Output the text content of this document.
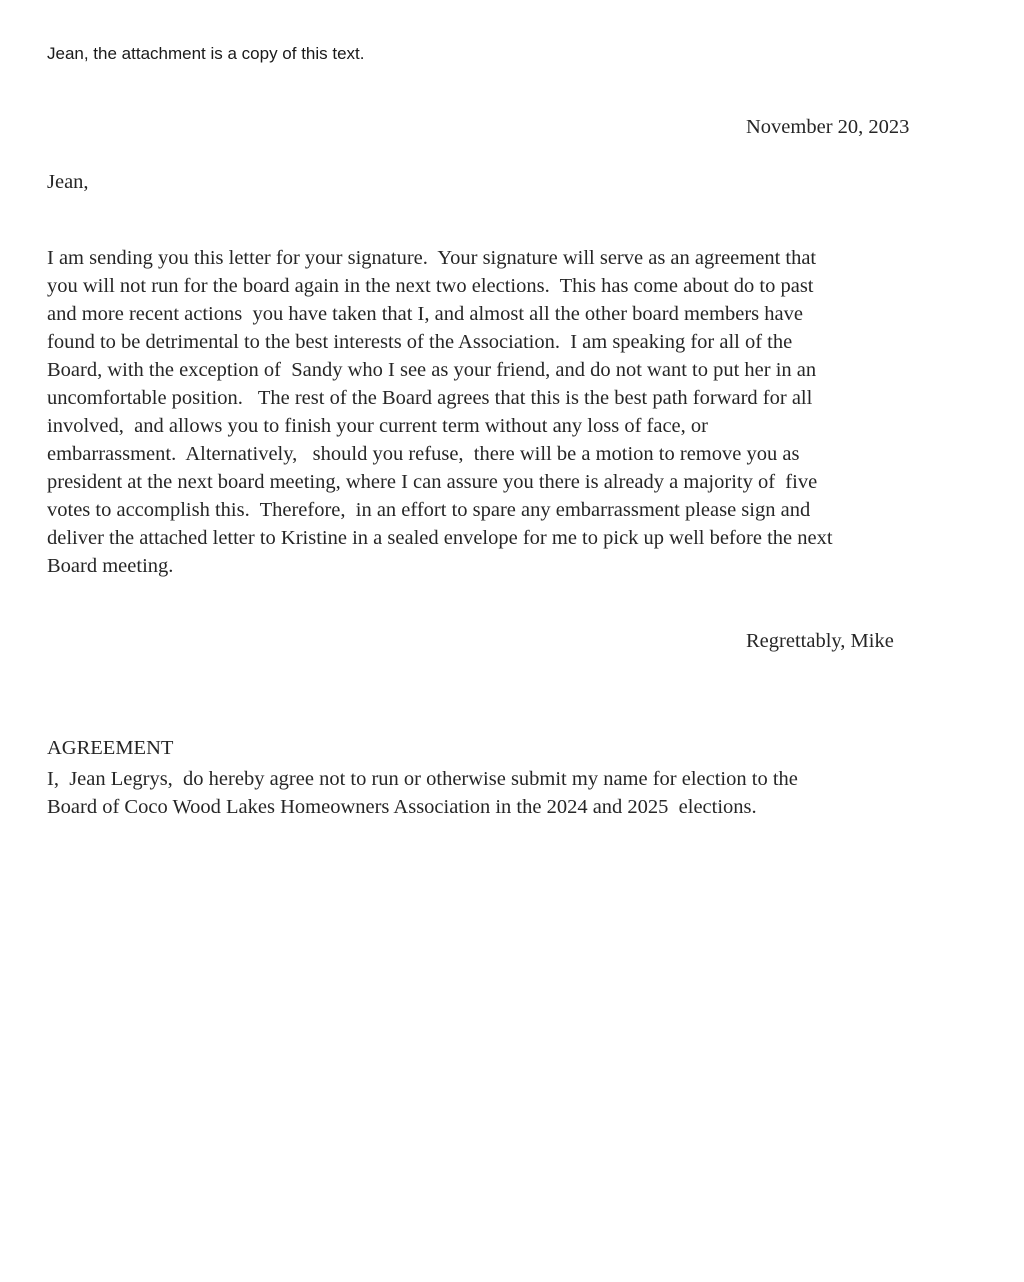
Jean, the attachment is a copy of this text.

November 20, 2023

Jean,

I am sending you this letter for your signature.  Your signature will serve as an agreement that
you will not run for the board again in the next two elections.  This has come about do to past
and more recent actions  you have taken that I, and almost all the other board members have
found to be detrimental to the best interests of the Association.  I am speaking for all of the
Board, with the exception of  Sandy who I see as your friend, and do not want to put her in an
uncomfortable position.   The rest of the Board agrees that this is the best path forward for all
involved,  and allows you to finish your current term without any loss of face, or
embarrassment.  Alternatively,   should you refuse,  there will be a motion to remove you as
president at the next board meeting, where I can assure you there is already a majority of  five
votes to accomplish this.  Therefore,  in an effort to spare any embarrassment please sign and
deliver the attached letter to Kristine in a sealed envelope for me to pick up well before the next
Board meeting.

Regrettably, Mike

AGREEMENT

I,  Jean Legrys,  do hereby agree not to run or otherwise submit my name for election to the
Board of Coco Wood Lakes Homeowners Association in the 2024 and 2025  elections.
